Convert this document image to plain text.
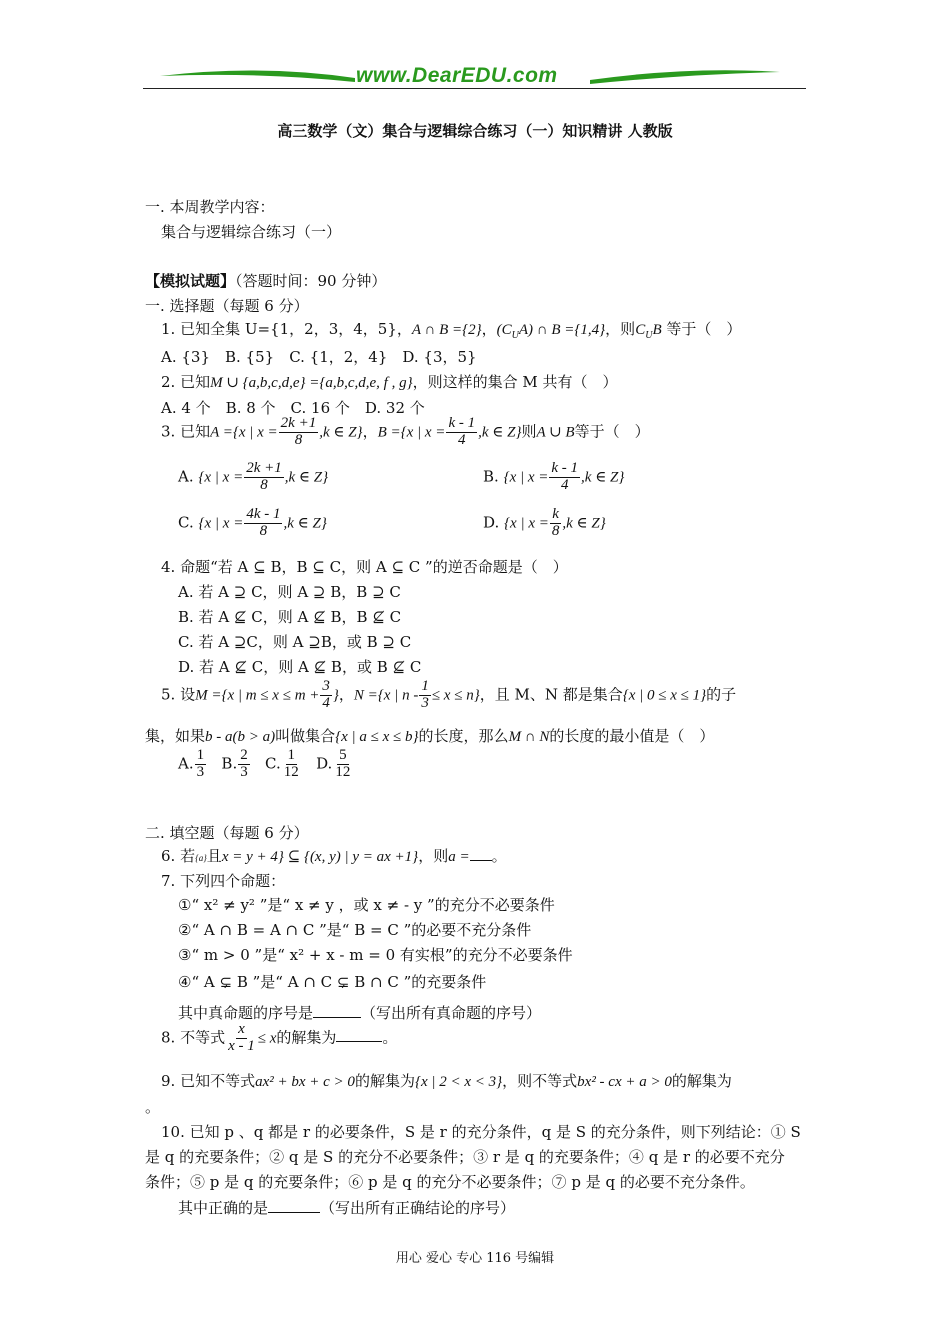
www.DearEDU.com
高三数学（文）集合与逻辑综合练习（一）知识精讲 人教版
一. 本周教学内容：
集合与逻辑综合练习（一）
【模拟试题】（答题时间：90 分钟）
一. 选择题（每题 6 分）
1. 已知全集 U={1，2，3，4，5}，A ∩ B ={2}，$(C_UA)$ ∩ B ={1,4}，则$C_UB$ 等于（　）
A. {3}　B. {5}　C. {1，2，4}　D. {3，5}
2. 已知M ∪ {a,b,c,d,e} ={a,b,c,d,e, f , g}，则这样的集合 M 共有（　）
A. 4 个　B. 8 个　C. 16 个　D. 32 个
3. 已知A ={x | $x = \frac{2k +1}{8} ,k$ ∈ Z}，B ={x | $x = \frac{k - 1}{4} ,k$ ∈ Z}则A ∪ B等于（　）
A. {x | $x = \frac{2k +1}{8} ,k$ ∈ Z}	B. {x | $x = \frac{k - 1}{4} ,k$ ∈ Z}
C. {x | $x = \frac{4k - 1}{8} ,k$ ∈ Z}	D. {x | $x = \frac{k}{8} ,k$ ∈ Z}
4. 命题“若 A ⊆ B，B ⊆ C，则 A ⊆ C ”的逆否命题是（　）
A. 若 A ⊇ C，则 A ⊇ B，B ⊇ C
B. 若 A ⊈ C，则 A ⊈ B，B ⊈ C
C. 若 A ⊇C，则 A ⊇B，或 B ⊇ C
D. 若 A ⊈ C，则 A ⊈ B，或 B ⊈ C
5. 设M ={x | $m \le x \le m + \frac{3}{4}$ }，N ={x | $n - \frac{1}{3} \le x \le n$}，且 M、N 都是集合{x | 0 ≤ x ≤ 1}的子
集，如果b - a(b > a)叫做集合{x | a ≤ x ≤ b}的长度，那么M ∩ N的长度的最小值是（　）
A. $\frac{1}{3} B$. $\frac{2}{3} C$. $\frac{1}{12} D$. $\frac{5}{12}$
二. 填空题（每题 6 分）
6. 若{a}且x = y + 4} ⊆ {(x, y) | y = ax +1}，则a = 。
7. 下列四个命题：
①“ x² ≠ y² ”是“ x ≠ y ，或 x ≠ - y ”的充分不必要条件
②“ A ∩ B = A ∩ C ”是“ B = C ”的必要不充分条件
③“ m > 0 ”是“ x² + x - m = 0 有实根”的充分不必要条件
④“ A ⊊ B ”是“ A ∩ C ⊊ B ∩ C ”的充要条件
其中真命题的序号是	（写出所有真命题的序号）
8. 不等式 $\frac{x}{x - 1} \le x$的解集为	。
9. 已知不等式ax² + bx + c > 0的解集为{x | 2 < x < 3}，则不等式bx² - cx + a > 0的解集为
。
10. 已知 p 、q 都是 r 的必要条件，S 是 r 的充分条件，q 是 S 的充分条件，则下列结论：① S
是 q 的充要条件；② q 是 S 的充分不必要条件；③ r 是 q 的充要条件；④ q 是 r 的必要不充分
条件；⑤ p 是 q 的充要条件；⑥ p 是 q 的充分不必要条件；⑦ p 是 q 的必要不充分条件。
其中正确的是	（写出所有正确结论的序号）
用心 爱心 专心 116 号编辑
